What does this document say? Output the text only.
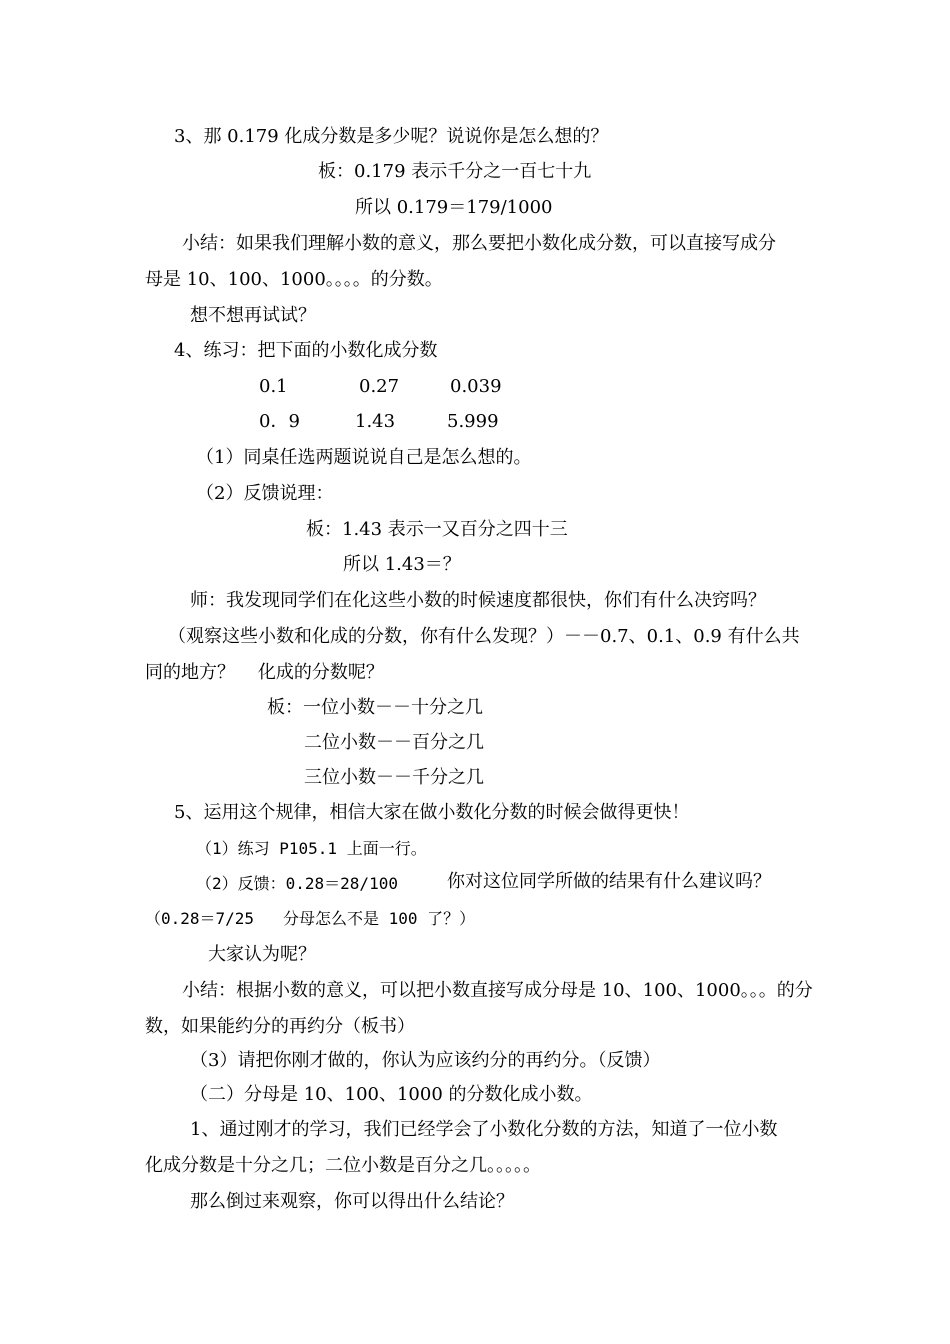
3、那 0.179 化成分数是多少呢？说说你是怎么想的？
板：0.179 表示千分之一百七十九
所以 0.179＝179/1000
小结：如果我们理解小数的意义，那么要把小数化成分数，可以直接写成分
母是 10、100、1000。。。。的分数。
想不想再试试？
4、练习：把下面的小数化成分数
0.1	0.27	0.039
0．9	1.43	5.999
（1）同桌任选两题说说自己是怎么想的。
（2）反馈说理：
板：1.43 表示一又百分之四十三
所以 1.43＝？
师：我发现同学们在化这些小数的时候速度都很快，你们有什么决窍吗？
（观察这些小数和化成的分数，你有什么发现？）－－0.7、0.1、0.9 有什么共
同的地方？    化成的分数呢？
板：一位小数－－十分之几
二位小数－－百分之几
三位小数－－千分之几
5、运用这个规律，相信大家在做小数化分数的时候会做得更快！
（1）练习 P105.1 上面一行。
（2）反馈：0.28＝28/100	你对这位同学所做的结果有什么建议吗？
（0.28＝7/25   分母怎么不是 100 了？）
大家认为呢？
小结：根据小数的意义，可以把小数直接写成分母是 10、100、1000。。。的分
数，如果能约分的再约分（板书）
（3）请把你刚才做的，你认为应该约分的再约分。（反馈）
（二）分母是 10、100、1000 的分数化成小数。
1、通过刚才的学习，我们已经学会了小数化分数的方法，知道了一位小数
化成分数是十分之几；二位小数是百分之几。。。。。
那么倒过来观察，你可以得出什么结论？
